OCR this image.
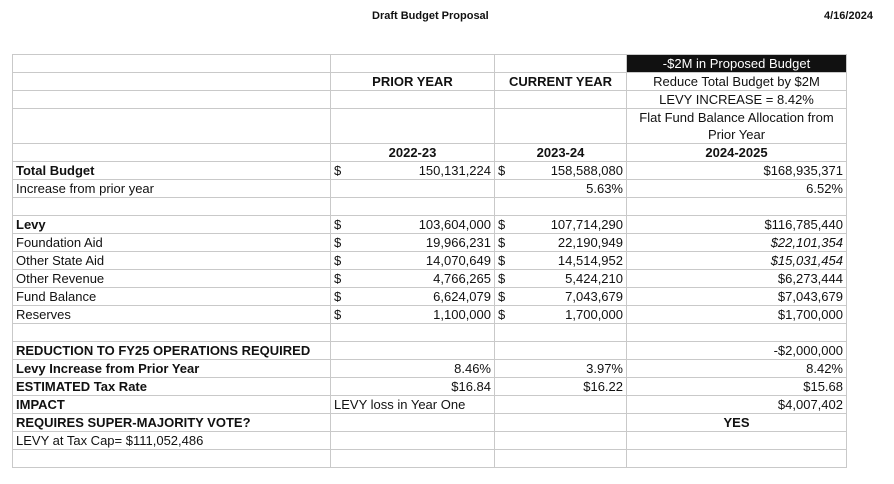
Draft Budget Proposal	4/16/2024
			-$2M in Proposed Budget
	PRIOR YEAR	CURRENT YEAR	Reduce Total Budget by $2M
			LEVY INCREASE = 8.42%
			Flat Fund Balance Allocation from Prior Year
	2022-23	2023-24	2024-2025
Total Budget	$ 150,131,224	$ 158,588,080	$168,935,371
Increase from prior year		5.63%	6.52%

Levy	$ 103,604,000	$ 107,714,290	$116,785,440
Foundation Aid	$ 19,966,231	$ 22,190,949	$22,101,354
Other State Aid	$ 14,070,649	$ 14,514,952	$15,031,454
Other Revenue	$ 4,766,265	$ 5,424,210	$6,273,444
Fund Balance	$ 6,624,079	$ 7,043,679	$7,043,679
Reserves	$ 1,100,000	$ 1,700,000	$1,700,000

REDUCTION TO FY25 OPERATIONS REQUIRED			-$2,000,000
Levy Increase from Prior Year	8.46%	3.97%	8.42%
ESTIMATED Tax Rate	$16.84	$16.22	$15.68
IMPACT	LEVY loss in Year One		$4,007,402
REQUIRES SUPER-MAJORITY VOTE?			YES
LEVY at Tax Cap= $111,052,486			
